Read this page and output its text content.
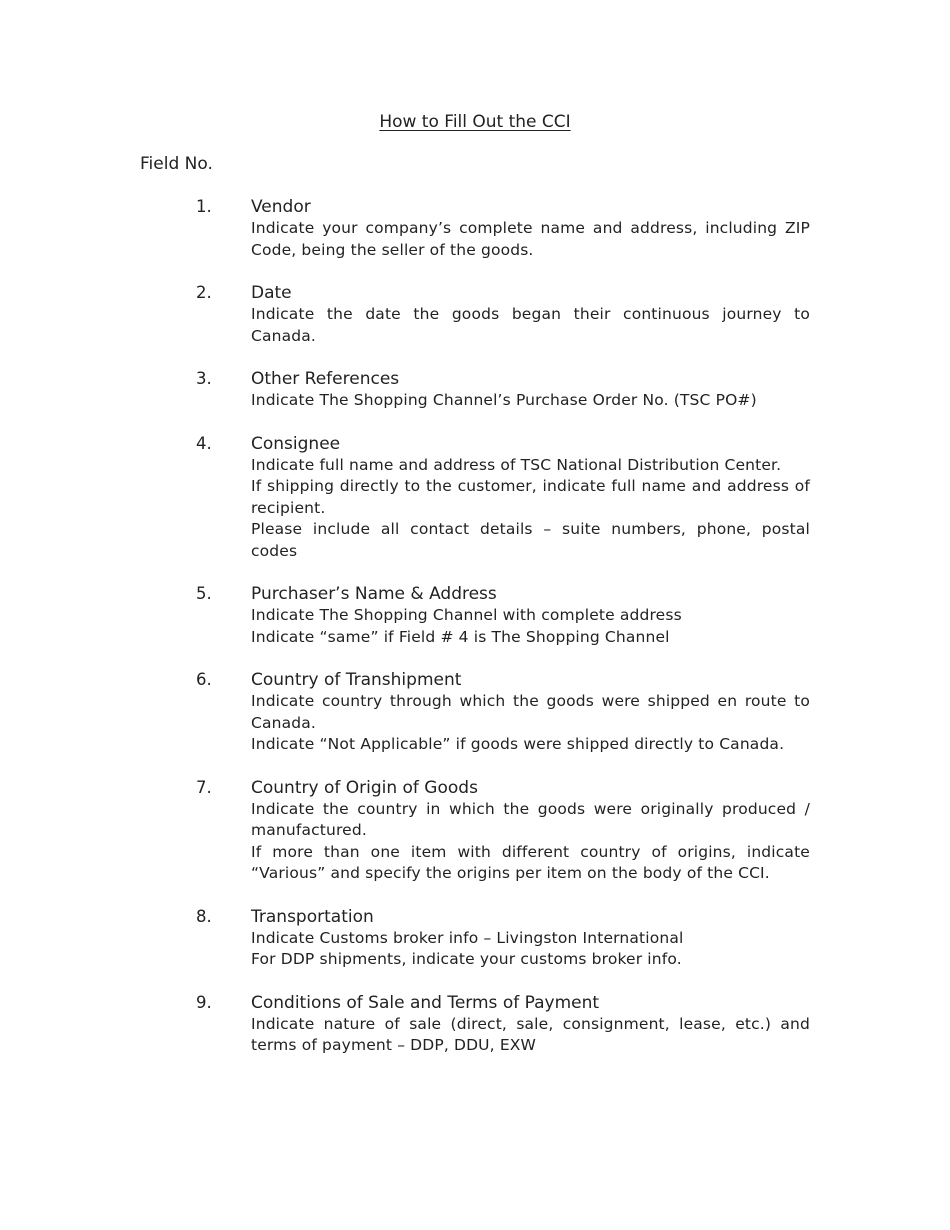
How to Fill Out the CCI

Field No.

1. Vendor

Indicate your company’s complete name and address, including ZIP Code, being the seller of the goods.

2. Date

Indicate the date the goods began their continuous journey to Canada.

3. Other References

Indicate The Shopping Channel’s Purchase Order No. (TSC PO#)

4. Consignee

Indicate full name and address of TSC National Distribution Center.

If shipping directly to the customer, indicate full name and address of recipient.

Please include all contact details – suite numbers, phone, postal codes

5. Purchaser’s Name & Address

Indicate The Shopping Channel with complete address

Indicate “same” if Field # 4 is The Shopping Channel

6. Country of Transhipment

Indicate country through which the goods were shipped en route to Canada.

Indicate “Not Applicable” if goods were shipped directly to Canada.

7. Country of Origin of Goods

Indicate the country in which the goods were originally produced / manufactured.

If more than one item with different country of origins, indicate “Various” and specify the origins per item on the body of the CCI.

8. Transportation

Indicate Customs broker info – Livingston International

For DDP shipments, indicate your customs broker info.

9. Conditions of Sale and Terms of Payment

Indicate nature of sale (direct, sale, consignment, lease, etc.) and terms of payment – DDP, DDU, EXW
